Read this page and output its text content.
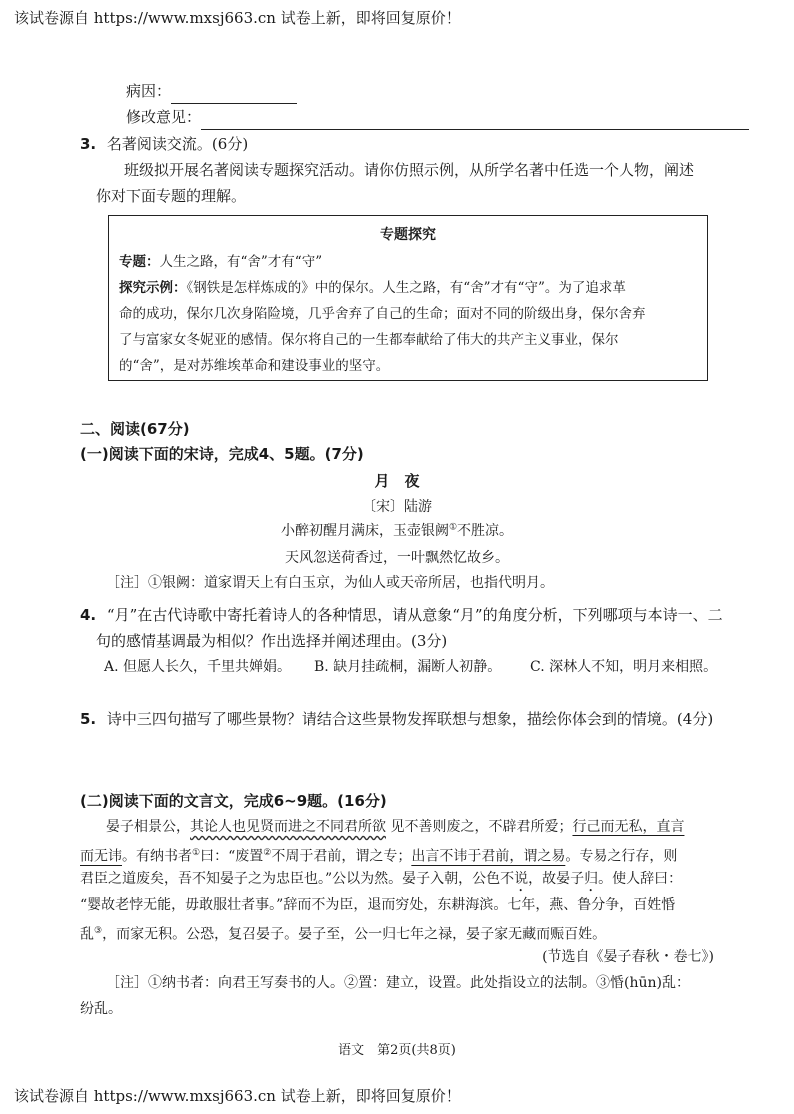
该试卷源自 https://www.mxsj663.cn 试卷上新，即将回复原价！
病因：
修改意见：
3. 名著阅读交流。(6分)
班级拟开展名著阅读专题探究活动。请你仿照示例，从所学名著中任选一个人物，阐述
你对下面专题的理解。
专题探究
专题：人生之路，有“舍”才有“守”
探究示例：《钢铁是怎样炼成的》中的保尔。人生之路，有“舍”才有“守”。为了追求革
命的成功，保尔几次身陷险境，几乎舍弃了自己的生命；面对不同的阶级出身，保尔舍弃
了与富家女冬妮亚的感情。保尔将自己的一生都奉献给了伟大的共产主义事业，保尔
的“舍”，是对苏维埃革命和建设事业的坚守。
二、阅读(67分)
(一)阅读下面的宋诗，完成4、5题。(7分)
月　夜
〔宋〕陆游
小醉初醒月满床，玉壶银阙①不胜凉。
天风忽送荷香过，一叶飘然忆故乡。
［注］①银阙：道家谓天上有白玉京，为仙人或天帝所居，也指代明月。
4. “月”在古代诗歌中寄托着诗人的各种情思，请从意象“月”的角度分析，下列哪项与本诗一、二
句的感情基调最为相似？作出选择并阐述理由。(3分)
A. 但愿人长久，千里共婵娟。 B. 缺月挂疏桐，漏断人初静。 C. 深林人不知，明月来相照。
5. 诗中三四句描写了哪些景物？请结合这些景物发挥联想与想象，描绘你体会到的情境。(4分)
(二)阅读下面的文言文，完成6~9题。(16分)
晏子相景公，其论人也见贤而进之不同君所欲 见不善则废之，不辟君所爱；行己而无私，直言
而无讳。有纳书者①曰：“废置②不周于君前，谓之专；出言不讳于君前，谓之易。专易之行存，则
君臣之道废矣，吾不知晏子之为忠臣也。”公以为然。晏子入朝，公色不说，故晏子归。使人辞曰：
“婴故老悖无能，毋敢服壮者事。”辞而不为臣，退而穷处，东耕海滨。七年，燕、鲁分争，百姓惛
乱③，而家无积。公恐，复召晏子。晏子至，公一归七年之禄，晏子家无藏而赈百姓。
(节选自《晏子春秋・卷七》)
［注］①纳书者：向君王写奏书的人。②置：建立，设置。此处指设立的法制。③惛(hūn)乱：
纷乱。
语文　第2页(共8页)
该试卷源自 https://www.mxsj663.cn 试卷上新，即将回复原价！
